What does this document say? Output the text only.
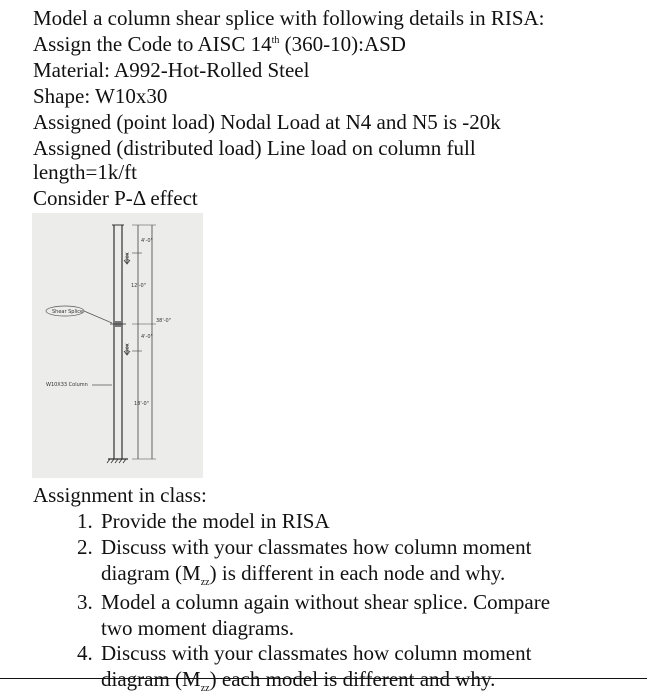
Model a column shear splice with following details in RISA:
Assign the Code to AISC 14th (360-10):ASD
Material: A992-Hot-Rolled Steel
Shape: W10x30
Assigned (point load) Nodal Load at N4 and N5 is -20k
Assigned (distributed load) Line load on column full
length=1k/ft
Consider P-Δ effect
4'-0"
12'-0"
38'-0"
4'-0"
18'-0"
20K
20K
Shear Splice
W10X33 Column
Assignment in class:
1. Provide the model in RISA
2. Discuss with your classmates how column moment
diagram $(M_{zz})$ is different in each node and why.
3. Model a column again without shear splice. Compare
two moment diagrams.
4. Discuss with your classmates how column moment
diagram $(M_{zz})$ each model is different and why.
